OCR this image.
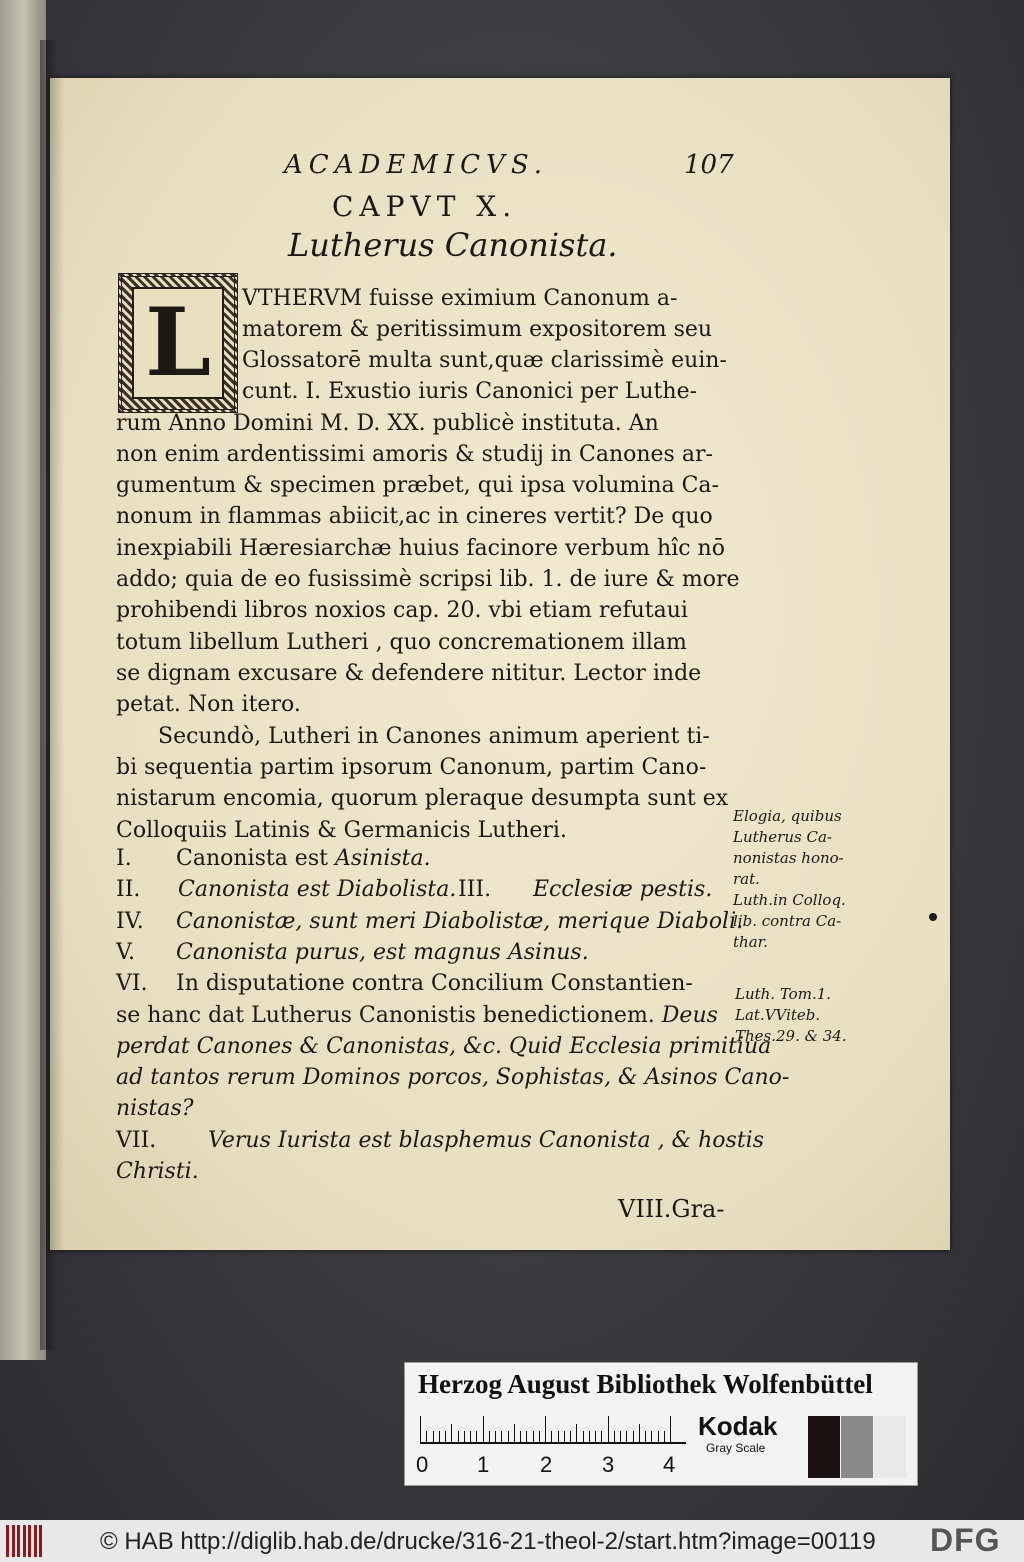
ACADEMICVS.	107
CAPVT X.
Lutherus Canonista.
L	VTHERVM fuisse eximium Canonum a-
matorem & peritissimum expositorem seu
Glossatorē multa sunt,quæ clarissimè euin-
cunt. I. Exustio iuris Canonici per Luthe-
rum Anno Domini M. D. XX. publicè instituta. An
non enim ardentissimi amoris & studij in Canones ar-
gumentum & specimen præbet, qui ipsa volumina Ca-
nonum in flammas abiicit,ac in cineres vertit? De quo
inexpiabili Hæresiarchæ huius facinore verbum hîc nō
addo; quia de eo fusissimè scripsi lib. 1. de iure & more
prohibendi libros noxios cap. 20. vbi etiam refutaui
totum libellum Lutheri , quo concremationem illam
se dignam excusare & defendere nititur. Lector inde
petat. Non itero.
Secundò, Lutheri in Canones animum aperient ti-
bi sequentia partim ipsorum Canonum, partim Cano-
nistarum encomia, quorum pleraque desumpta sunt ex
Colloquiis Latinis & Germanicis Lutheri.
I. Canonista est Asinista.
II. Canonista est Diabolista. III. Ecclesiæ pestis.
IV. Canonistæ, sunt meri Diabolistæ, merique Diaboli.
V. Canonista purus, est magnus Asinus.
VI. In disputatione contra Concilium Constantien-
se hanc dat Lutherus Canonistis benedictionem. Deus
perdat Canones & Canonistas, &c. Quid Ecclesia primitiua
ad tantos rerum Dominos porcos, Sophistas, & Asinos Cano-
nistas?
VII. Verus Iurista est blasphemus Canonista , & hostis
Christi.
Elogia, quibus
Lutherus Ca-
nonistas hono-
rat.
Luth.in Colloq.
lib. contra Ca-
thar.
Luth. Tom.1.
Lat.VViteb.
Thes.29. & 34.
VIII.Gra-
Herzog August Bibliothek Wolfenbüttel
0 1 2 3 4
Kodak
Gray Scale
© HAB http://diglib.hab.de/drucke/316-21-theol-2/start.htm?image=00119 DFG
